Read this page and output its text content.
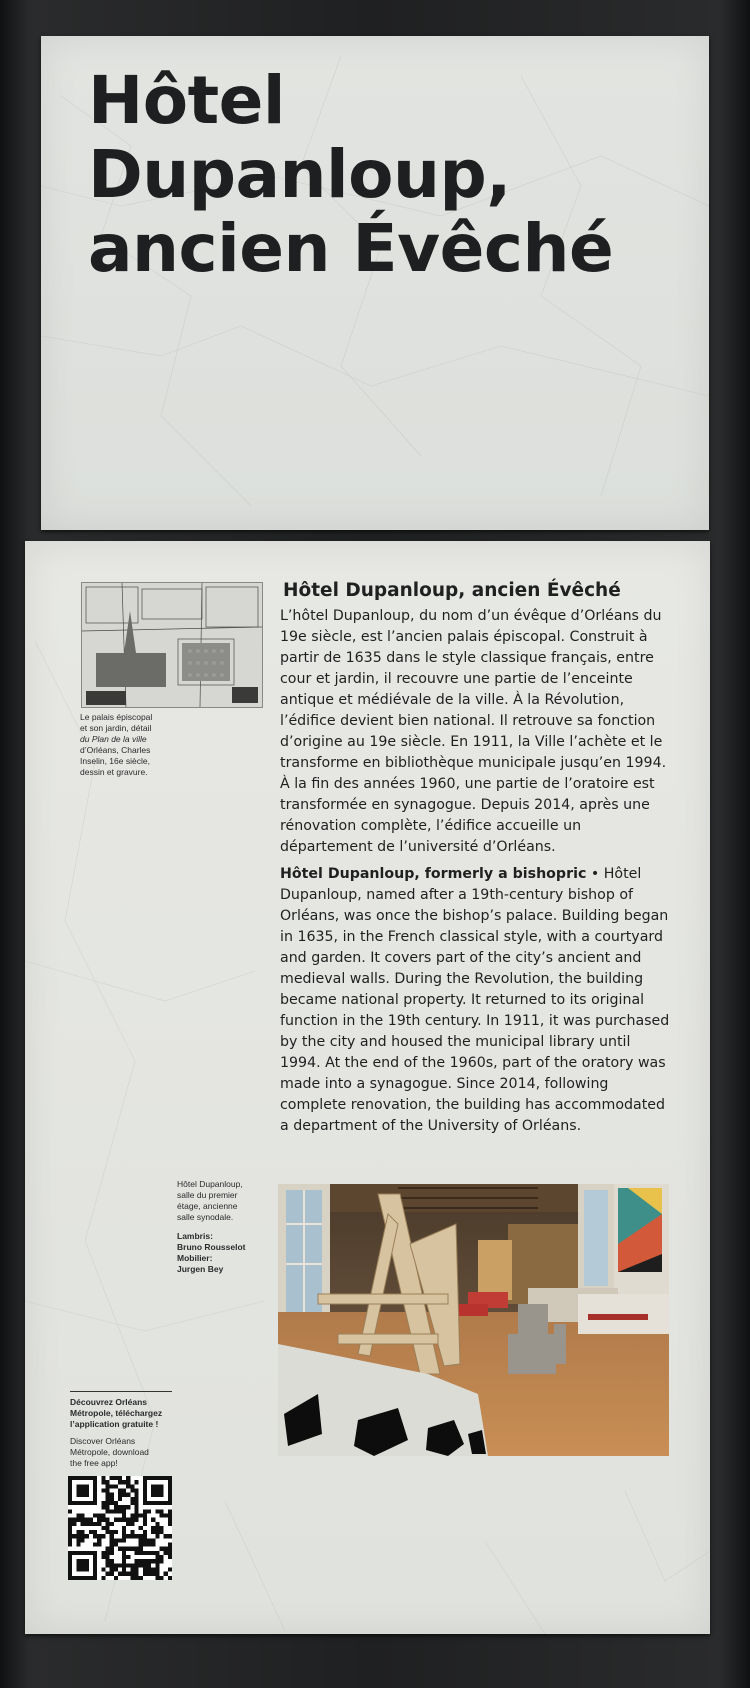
Hôtel
Dupanloup,
ancien Évêché
Le palais épiscopal
et son jardin, détail
du Plan de la ville
d’Orléans, Charles
Inselin, 16e siècle,
dessin et gravure.
Hôtel Dupanloup, ancien Évêché

L’hôtel Dupanloup, du nom d’un évêque d’Orléans du 19e siècle, est l’ancien palais épiscopal. Construit à partir de 1635 dans le style classique français, entre cour et jardin, il recouvre une partie de l’enceinte antique et médiévale de la ville. À la Révolution, l’édifice devient bien national. Il retrouve sa fonction d’origine au 19e siècle. En 1911, la Ville l’achète et le transforme en bibliothèque municipale jusqu’en 1994. À la fin des années 1960, une partie de l’oratoire est transformée en synagogue. Depuis 2014, après une rénovation complète, l’édifice accueille un département de l’université d’Orléans.

Hôtel Dupanloup, formerly a bishopric • Hôtel Dupanloup, named after a 19th-century bishop of Orléans, was once the bishop’s palace. Building began in 1635, in the French classical style, with a courtyard and garden. It covers part of the city’s ancient and medieval walls. During the Revolution, the building became national property. It returned to its original function in the 19th century. In 1911, it was purchased by the city and housed the municipal library until 1994. At the end of the 1960s, part of the oratory was made into a synagogue. Since 2014, following complete renovation, the building has accommodated a department of the University of Orléans.

Hôtel Dupanloup,
salle du premier
étage, ancienne
salle synodale.
Lambris:
Bruno Rousselot
Mobilier:
Jurgen Bey
Découvrez Orléans
Métropole, téléchargez
l’application gratuite !
Discover Orléans
Métropole, download
the free app!
